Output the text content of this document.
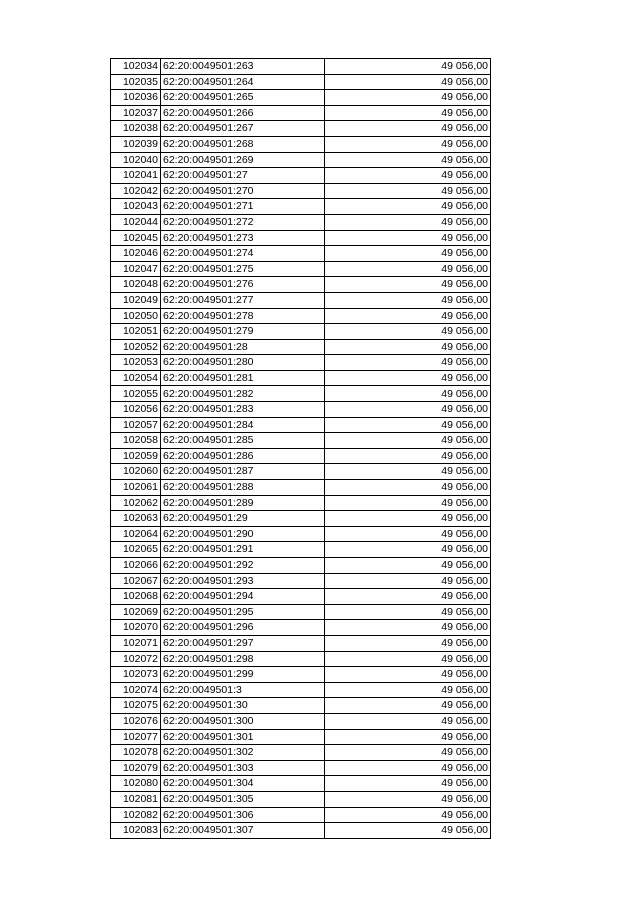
102034	62:20:0049501:263	49 056,00
102035	62:20:0049501:264	49 056,00
102036	62:20:0049501:265	49 056,00
102037	62:20:0049501:266	49 056,00
102038	62:20:0049501:267	49 056,00
102039	62:20:0049501:268	49 056,00
102040	62:20:0049501:269	49 056,00
102041	62:20:0049501:27	49 056,00
102042	62:20:0049501:270	49 056,00
102043	62:20:0049501:271	49 056,00
102044	62:20:0049501:272	49 056,00
102045	62:20:0049501:273	49 056,00
102046	62:20:0049501:274	49 056,00
102047	62:20:0049501:275	49 056,00
102048	62:20:0049501:276	49 056,00
102049	62:20:0049501:277	49 056,00
102050	62:20:0049501:278	49 056,00
102051	62:20:0049501:279	49 056,00
102052	62:20:0049501:28	49 056,00
102053	62:20:0049501:280	49 056,00
102054	62:20:0049501:281	49 056,00
102055	62:20:0049501:282	49 056,00
102056	62:20:0049501:283	49 056,00
102057	62:20:0049501:284	49 056,00
102058	62:20:0049501:285	49 056,00
102059	62:20:0049501:286	49 056,00
102060	62:20:0049501:287	49 056,00
102061	62:20:0049501:288	49 056,00
102062	62:20:0049501:289	49 056,00
102063	62:20:0049501:29	49 056,00
102064	62:20:0049501:290	49 056,00
102065	62:20:0049501:291	49 056,00
102066	62:20:0049501:292	49 056,00
102067	62:20:0049501:293	49 056,00
102068	62:20:0049501:294	49 056,00
102069	62:20:0049501:295	49 056,00
102070	62:20:0049501:296	49 056,00
102071	62:20:0049501:297	49 056,00
102072	62:20:0049501:298	49 056,00
102073	62:20:0049501:299	49 056,00
102074	62:20:0049501:3	49 056,00
102075	62:20:0049501:30	49 056,00
102076	62:20:0049501:300	49 056,00
102077	62:20:0049501:301	49 056,00
102078	62:20:0049501:302	49 056,00
102079	62:20:0049501:303	49 056,00
102080	62:20:0049501:304	49 056,00
102081	62:20:0049501:305	49 056,00
102082	62:20:0049501:306	49 056,00
102083	62:20:0049501:307	49 056,00
